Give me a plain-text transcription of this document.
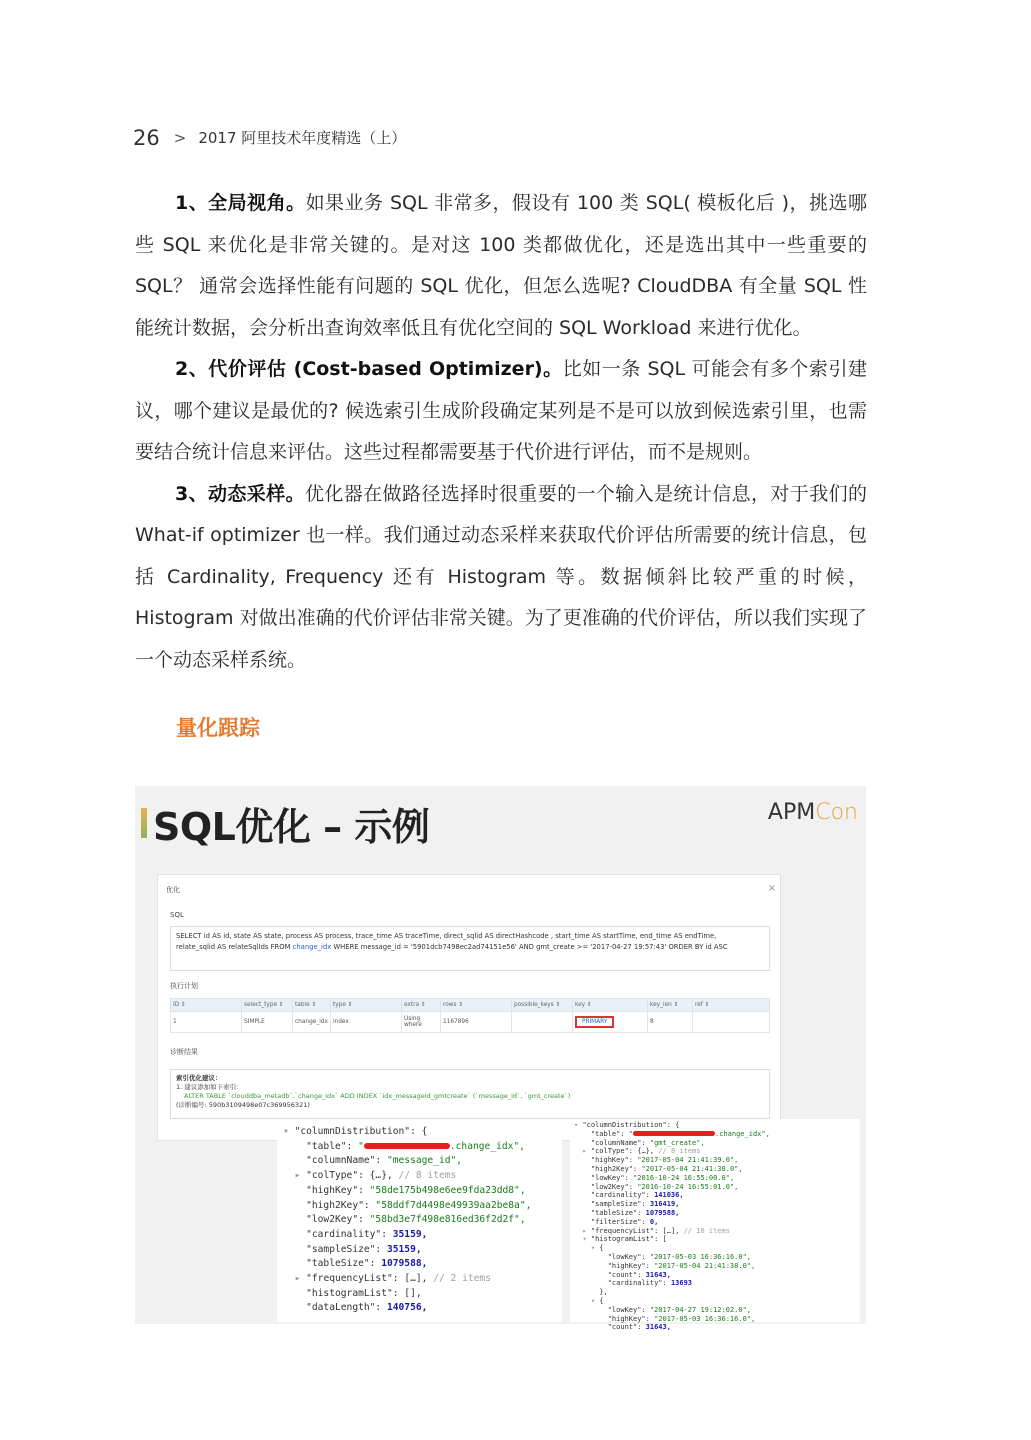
26 > 2017 阿里技术年度精选（上）

1、全局视角。如果业务 SQL 非常多，假设有 100 类 SQL( 模板化后 )，挑选哪些 SQL 来优化是非常关键的。是对这 100 类都做优化，还是选出其中一些重要的 SQL？ 通常会选择性能有问题的 SQL 优化，但怎么选呢? CloudDBA 有全量 SQL 性能统计数据，会分析出查询效率低且有优化空间的 SQL Workload 来进行优化。

2、代价评估 (Cost-based Optimizer)。比如一条 SQL 可能会有多个索引建议，哪个建议是最优的? 候选索引生成阶段确定某列是不是可以放到候选索引里，也需要结合统计信息来评估。这些过程都需要基于代价进行评估，而不是规则。

3、动态采样。优化器在做路径选择时很重要的一个输入是统计信息，对于我们的 What-if optimizer 也一样。我们通过动态采样来获取代价评估所需要的统计信息，包括 Cardinality, Frequency 还有 Histogram 等。数据倾斜比较严重的时候，Histogram 对做出准确的代价评估非常关键。为了更准确的代价评估，所以我们实现了一个动态采样系统。

量化跟踪
SQL优化 – 示例	APMCon
优化	×
SQL
SELECT id AS id, state AS state, process AS process, trace_time AS traceTime, direct_sqlid AS directHashcode , start_time AS startTime, end_time AS endTime,
relate_sqlid AS relateSqlIds FROM change_idx WHERE message_id = '5901dcb7498ec2ad74151e56' AND gmt_create >= '2017-04-27 19:57:43' ORDER BY id ASC
执行计划
ID ⇕	select_type ⇕	table ⇕	type ⇕	extra ⇕	rows ⇕	possible_keys ⇕	key ⇕	key_len ⇕	ref ⇕
1	SIMPLE	change_idx	index	Using where	1167896		PRIMARY	8	
诊断结果
索引优化建议：
1. 建议添加如下索引：
ALTER TABLE `clouddba_metadb`.`change_idx` ADD INDEX `idx_messageid_gmtcreate` (`message_id`, `gmt_create`)
(诊断编号: 590b3109498e07c369956321)
▾ "columnDistribution": {
"table": "	.change_idx",
"columnName": "message_id",
▸ "colType": {…}, // 8 items
"highKey": "58de175b498e6ee9fda23dd8",
"high2Key": "58ddf7d4498e49939aa2be8a",
"low2Key": "58bd3e7f498e816ed36f2d2f",
"cardinality": 35159,
"sampleSize": 35159,
"tableSize": 1079588,
▸ "frequencyList": […], // 2 items
"histogramList": [],
"dataLength": 140756,
▾ "columnDistribution": {
"table": "	.change_idx",
"columnName": "gmt_create",
▸ "colType": {…}, // 8 items
"highKey": "2017-05-04 21:41:39.0",
"high2Key": "2017-05-04 21:41:38.0",
"lowKey": "2016-10-24 16:55:00.0",
"low2Key": "2016-10-24 16:55:01.0",
"cardinality": 141036,
"sampleSize": 316419,
"tableSize": 1079588,
"filterSize": 0,
▸ "frequencyList": […], // 10 items
▾ "histogramList": [
▾ {
"lowKey": "2017-05-03 16:36:16.0",
"highKey": "2017-05-04 21:41:38.0",
"count": 31643,
"cardinality": 13693
},
▾ {
"lowKey": "2017-04-27 19:12:02.0",
"highKey": "2017-05-03 16:36:16.0",
"count": 31643,
